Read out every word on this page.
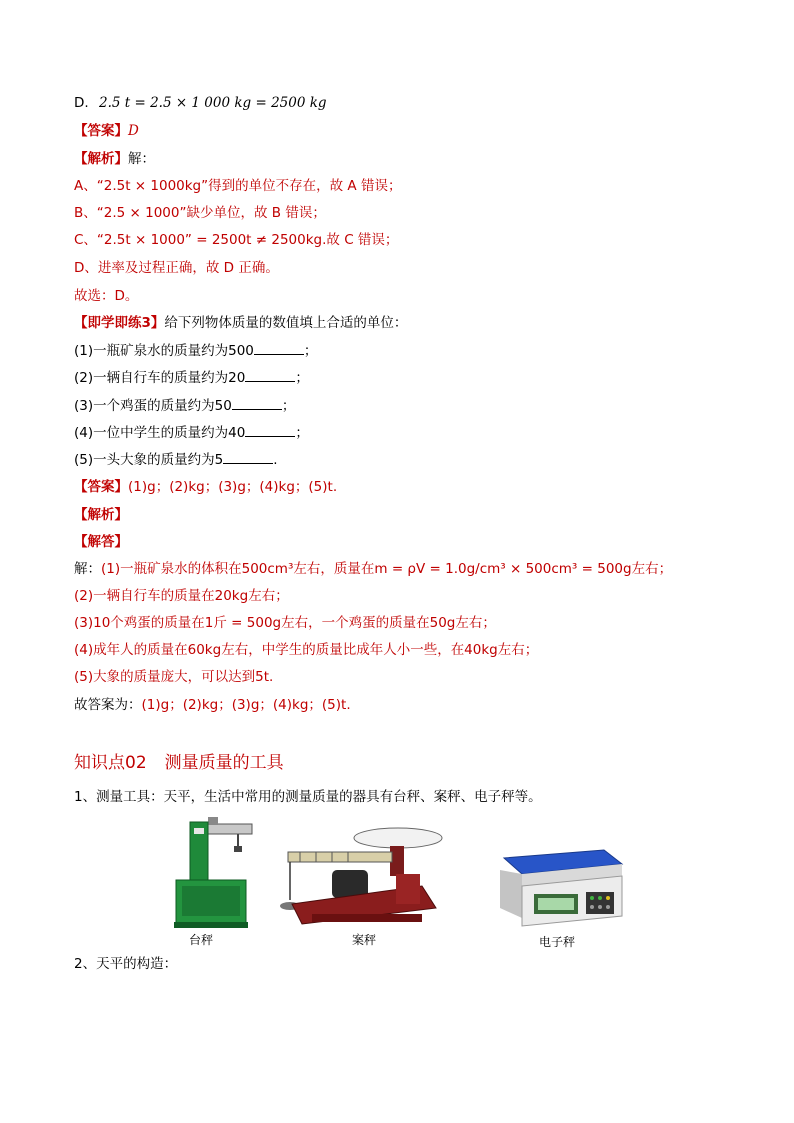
D. 2.5 t = 2.5 × 1 000 kg = 2500 kg
【答案】D
【解析】解：
A、“2.5t × 1000kg”得到的单位不存在，故 A 错误；
B、“2.5 × 1000”缺少单位，故 B 错误；
C、“2.5t × 1000” = 2500t ≠ 2500kg.故 C 错误；
D、进率及过程正确，故 D 正确。
故选：D。
【即学即练3】给下列物体质量的数值填上合适的单位：
(1)一瓶矿泉水的质量约为500	；
(2)一辆自行车的质量约为20	；
(3)一个鸡蛋的质量约为50	；
(4)一位中学生的质量约为40	；
(5)一头大象的质量约为5	.
【答案】(1)g；(2)kg；(3)g；(4)kg；(5)t.
【解析】
【解答】
解：(1)一瓶矿泉水的体积在500cm³左右，质量在m = ρV = 1.0g/cm³ × 500cm³ = 500g左右；
(2)一辆自行车的质量在20kg左右；
(3)10个鸡蛋的质量在1斤 = 500g左右，一个鸡蛋的质量在50g左右；
(4)成年人的质量在60kg左右，中学生的质量比成年人小一些，在40kg左右；
(5)大象的质量庞大，可以达到5t.
故答案为：(1)g；(2)kg；(3)g；(4)kg；(5)t.
知识点02 测量质量的工具
1、测量工具：天平，生活中常用的测量质量的器具有台秤、案秤、电子秤等。
台秤	案秤	电子秤
2、天平的构造：
